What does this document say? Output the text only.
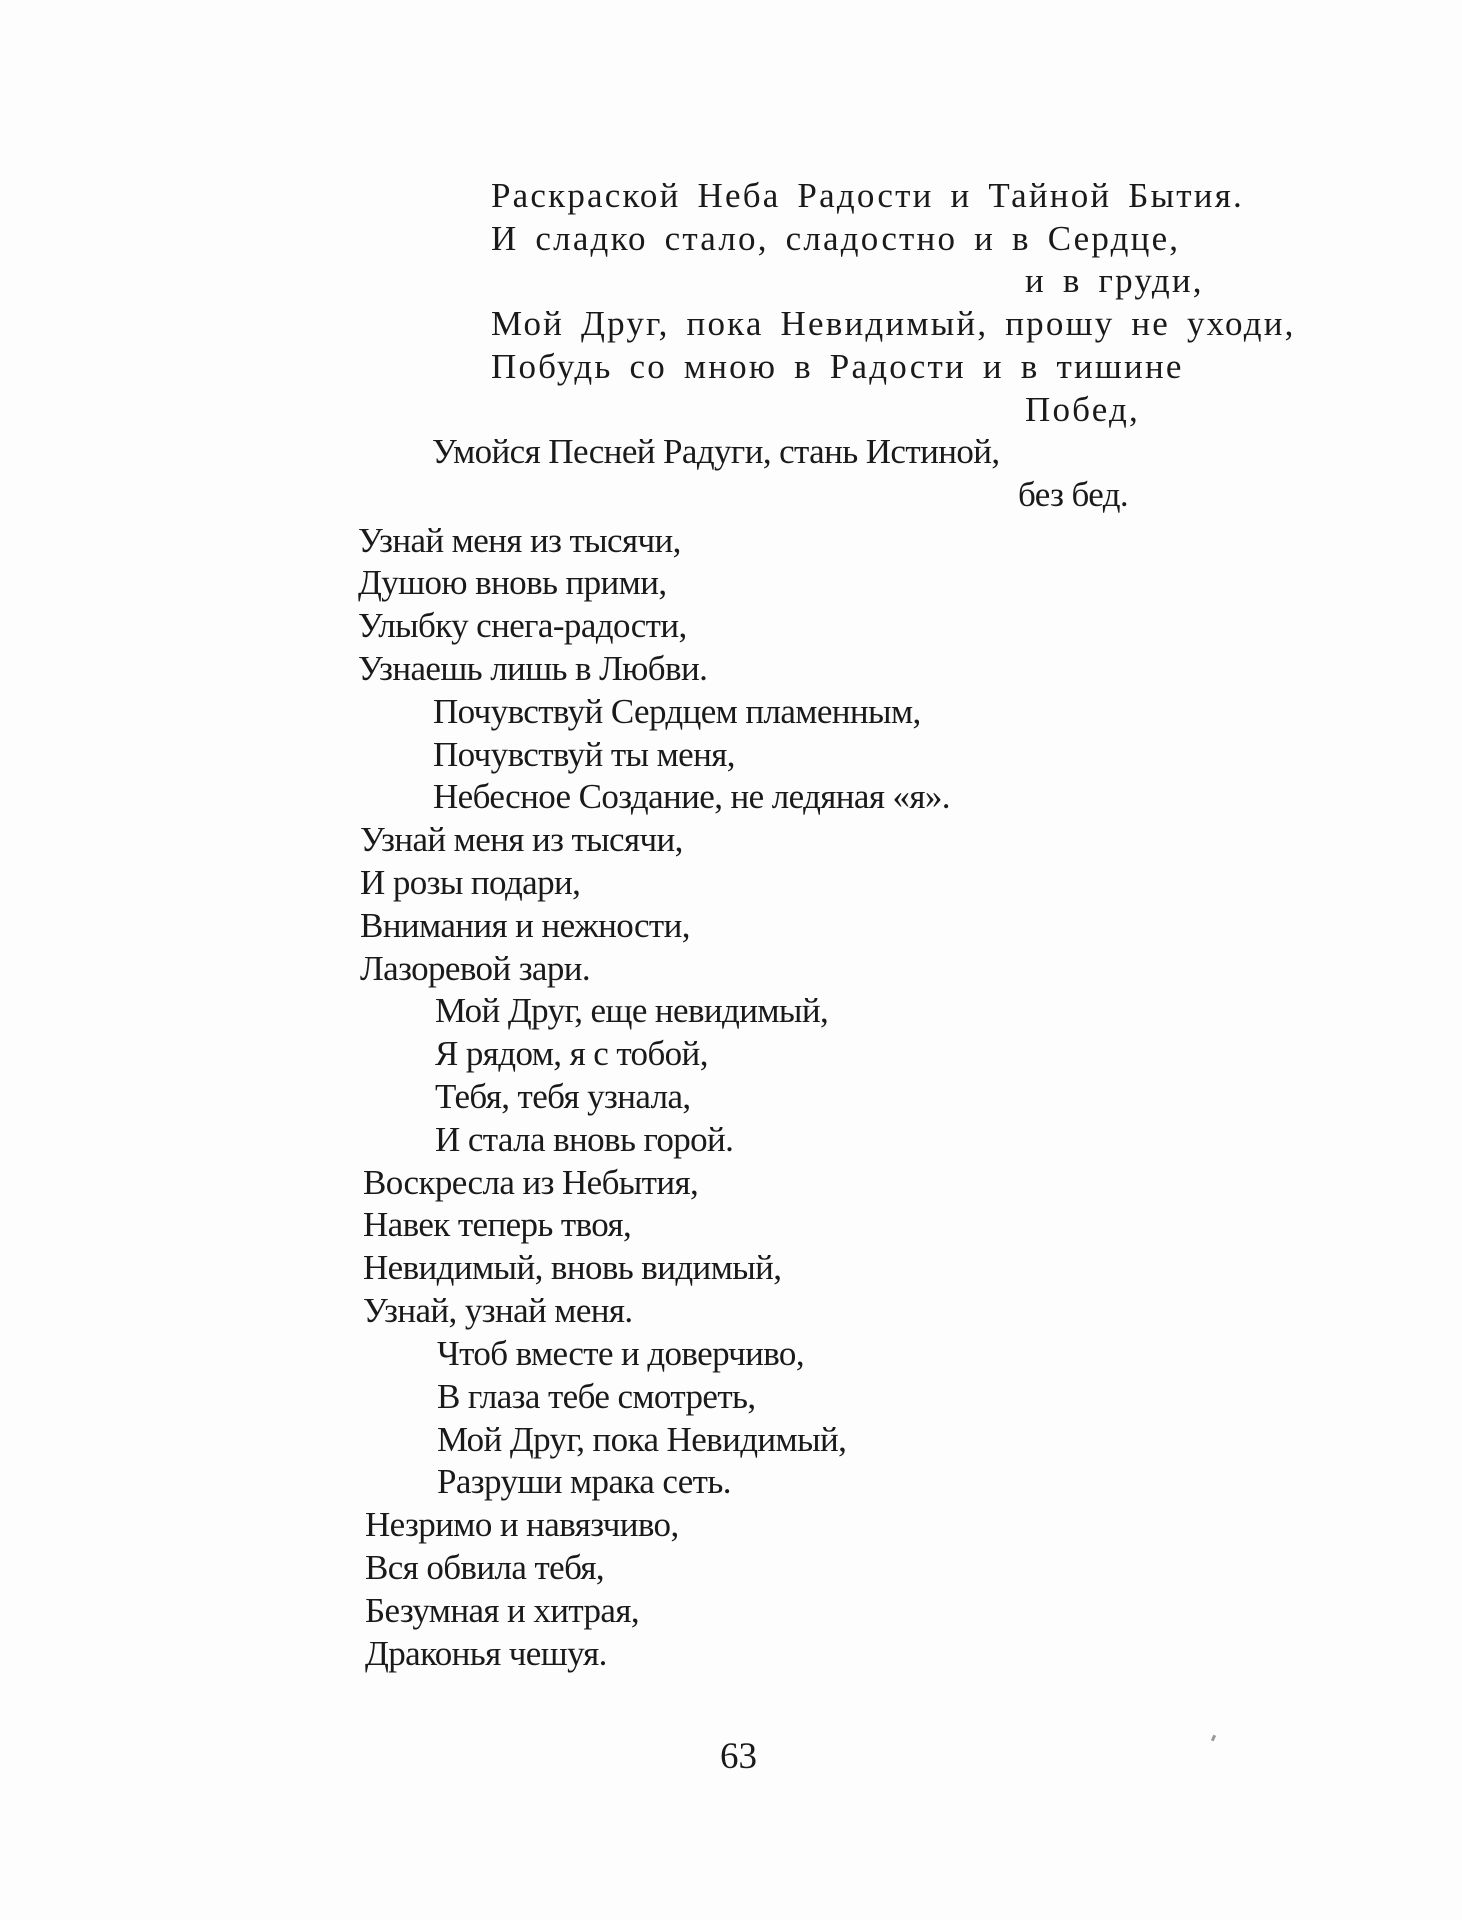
Раскраской Неба Радости и Тайной Бытия.
И сладко стало, сладостно и в Сердце,
и в груди,
Мой Друг, пока Невидимый, прошу не уходи,
Побудь со мною в Радости и в тишине
Побед,
Умойся Песней Радуги, стань Истиной,
без бед.
Узнай меня из тысячи,
Душою вновь прими,
Улыбку снега-радости,
Узнаешь лишь в Любви.
Почувствуй Сердцем пламенным,
Почувствуй ты меня,
Небесное Создание, не ледяная «я».
Узнай меня из тысячи,
И розы подари,
Внимания и нежности,
Лазоревой зари.
Мой Друг, еще невидимый,
Я рядом, я с тобой,
Тебя, тебя узнала,
И стала вновь горой.
Воскресла из Небытия,
Навек теперь твоя,
Невидимый, вновь видимый,
Узнай, узнай меня.
Чтоб вместе и доверчиво,
В глаза тебе смотреть,
Мой Друг, пока Невидимый,
Разруши мрака сеть.
Незримо и навязчиво,
Вся обвила тебя,
Безумная и хитрая,
Драконья чешуя.
63
